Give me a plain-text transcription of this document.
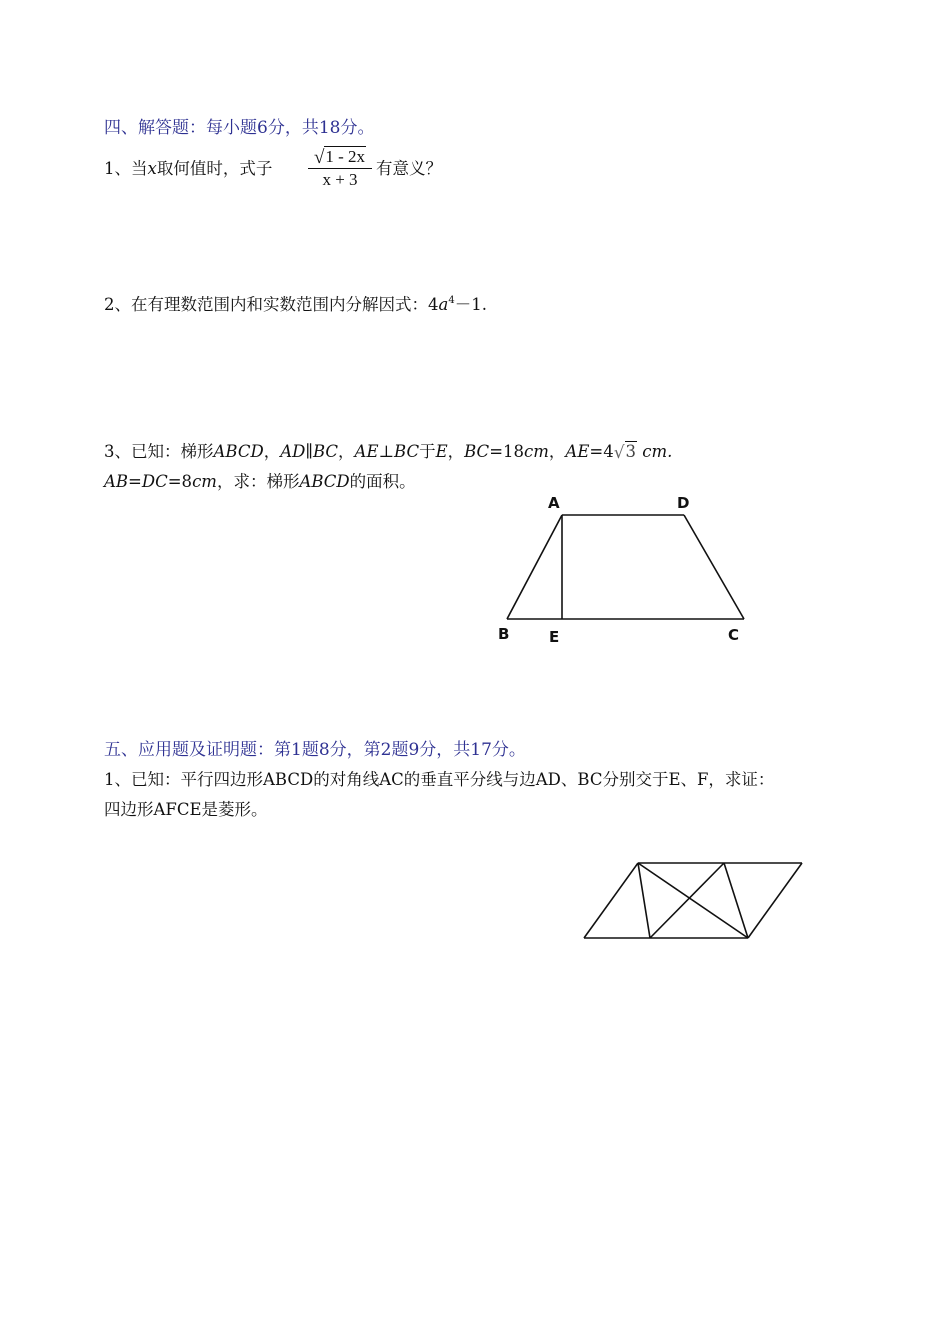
四、解答题：每小题6分，共18分。
1、当x取何值时，式子
√1 - 2x
x + 3
有意义？
2、在有理数范围内和实数范围内分解因式：$4a^4-1$.
3、已知：梯形ABCD，AD∥BC，AE⊥BC于E，BC=18cm，AE=4√3 cm.
AB=DC=8cm，求：梯形ABCD的面积。
A	D
B	E	C
五、应用题及证明题：第1题8分，第2题9分，共17分。
1、已知：平行四边形ABCD的对角线AC的垂直平分线与边AD、BC分别交于E、F，求证：
四边形AFCE是菱形。
